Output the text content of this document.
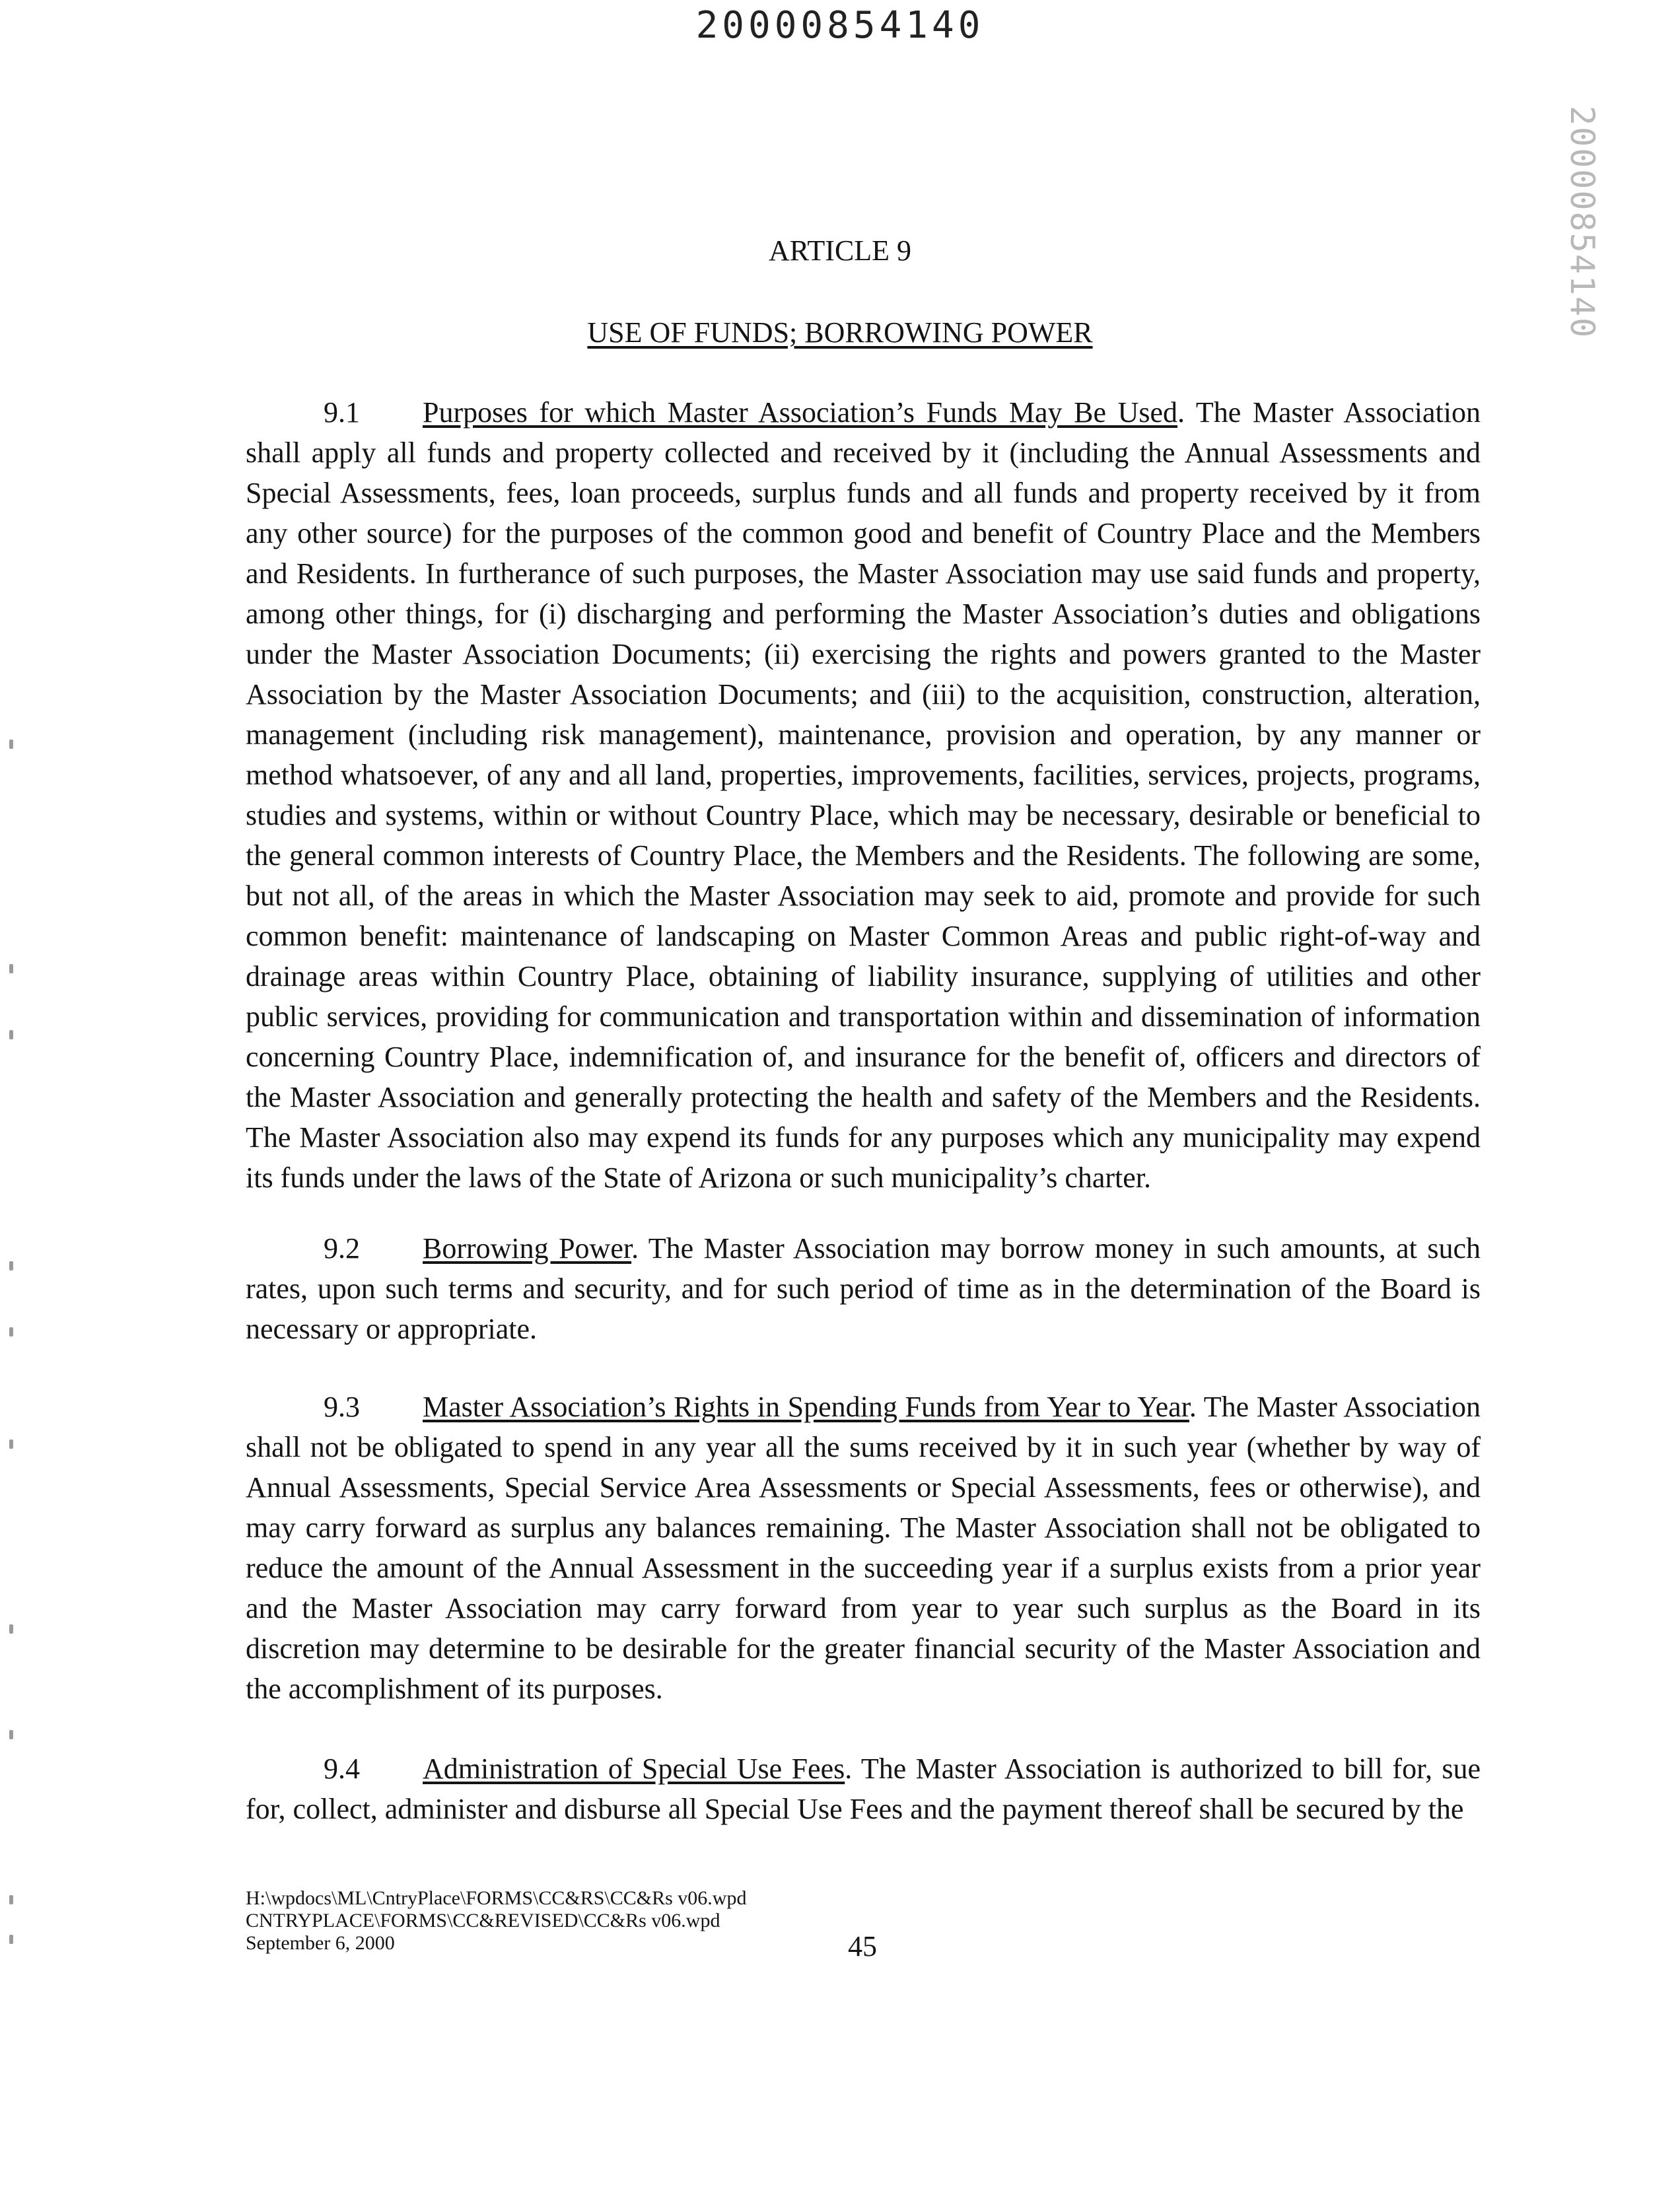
20000854140
20000854140
ARTICLE 9
USE OF FUNDS; BORROWING POWER

9.1 Purposes for which Master Association’s Funds May Be Used. The Master Association shall apply all funds and property collected and received by it (including the Annual Assessments and Special Assessments, fees, loan proceeds, surplus funds and all funds and property received by it from any other source) for the purposes of the common good and benefit of Country Place and the Members and Residents. In furtherance of such purposes, the Master Association may use said funds and property, among other things, for (i) discharging and performing the Master Association’s duties and obligations under the Master Association Documents; (ii) exercising the rights and powers granted to the Master Association by the Master Association Documents; and (iii) to the acquisition, construction, alteration, management (including risk management), maintenance, provision and operation, by any manner or method whatsoever, of any and all land, properties, improvements, facilities, services, projects, programs, studies and systems, within or without Country Place, which may be necessary, desirable or beneficial to the general common interests of Country Place, the Members and the Residents. The following are some, but not all, of the areas in which the Master Association may seek to aid, promote and provide for such common benefit: maintenance of landscaping on Master Common Areas and public right-of-way and drainage areas within Country Place, obtaining of liability insurance, supplying of utilities and other public services, providing for communication and transportation within and dissemination of information concerning Country Place, indemnification of, and insurance for the benefit of, officers and directors of the Master Association and generally protecting the health and safety of the Members and the Residents. The Master Association also may expend its funds for any purposes which any municipality may expend its funds under the laws of the State of Arizona or such municipality’s charter.

9.2 Borrowing Power. The Master Association may borrow money in such amounts, at such rates, upon such terms and security, and for such period of time as in the determination of the Board is necessary or appropriate.

9.3 Master Association’s Rights in Spending Funds from Year to Year. The Master Association shall not be obligated to spend in any year all the sums received by it in such year (whether by way of Annual Assessments, Special Service Area Assessments or Special Assessments, fees or otherwise), and may carry forward as surplus any balances remaining. The Master Association shall not be obligated to reduce the amount of the Annual Assessment in the succeeding year if a surplus exists from a prior year and the Master Association may carry forward from year to year such surplus as the Board in its discretion may determine to be desirable for the greater financial security of the Master Association and the accomplishment of its purposes.

9.4 Administration of Special Use Fees. The Master Association is authorized to bill for, sue for, collect, administer and disburse all Special Use Fees and the payment thereof shall be secured by the

H:\wpdocs\ML\CntryPlace\FORMS\CC&RS\CC&Rs v06.wpd
CNTRYPLACE\FORMS\CC&REVISED\CC&Rs v06.wpd
September 6, 2000	45
